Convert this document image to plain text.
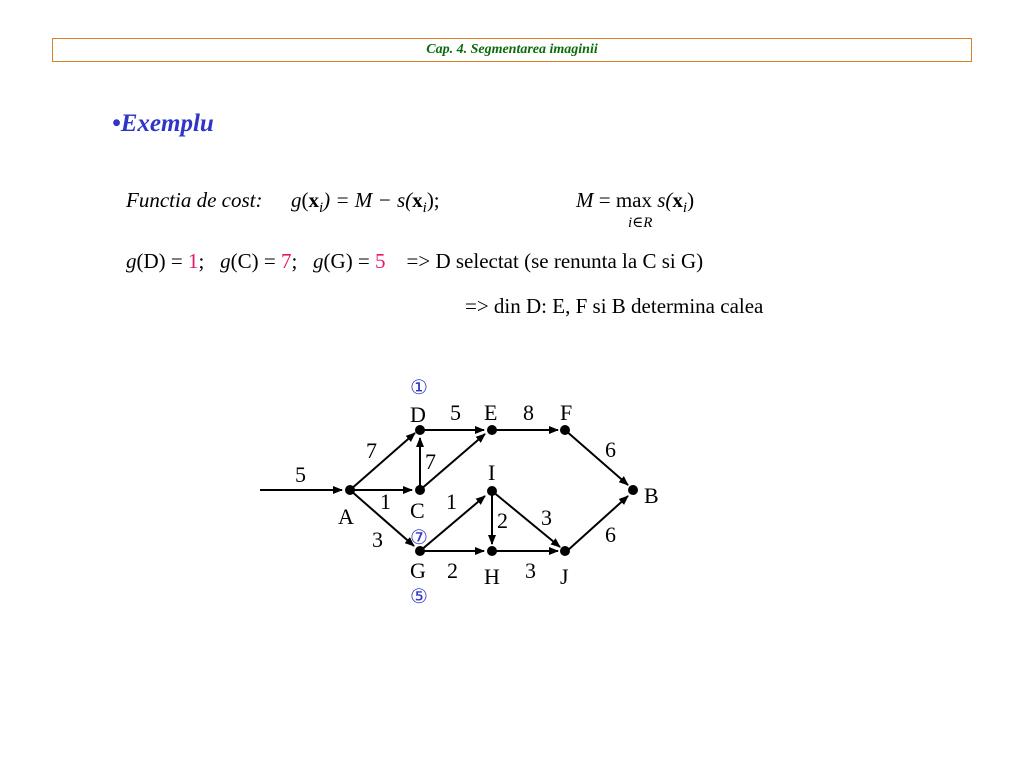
Cap. 4. Segmentarea imaginii
•Exemplu
Functia de cost: $g(x_i) = M - s(x_i)$;	$M = \max s(x_i)$
i∈R
g(D) = 1; g(C) = 7; g(G) = 5 => D selectat (se renunta la C si G)
=> din D: E, F si B determina calea
A	C
D	E	F
B
G
I
H	J
5
7
1
3
7
5	8
6
1
2 3
2	3
6
①
⑦
⑤
